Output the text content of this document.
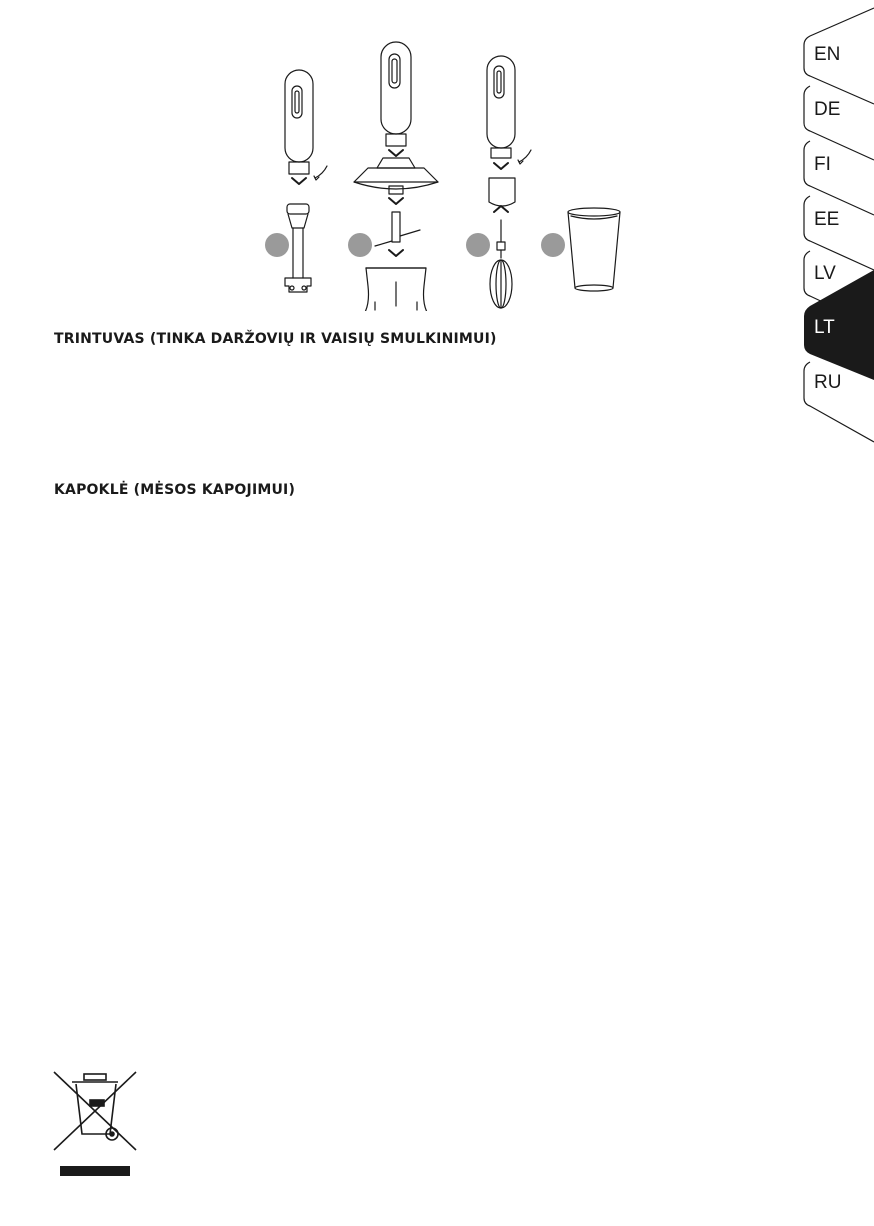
TRINTUVAS (TINKA DARŽOVIŲ IR VAISIŲ SMULKINIMUI)
KAPOKLĖ (MĖSOS KAPOJIMUI)
EN
DE
FI
EE
LV
LT
RU
